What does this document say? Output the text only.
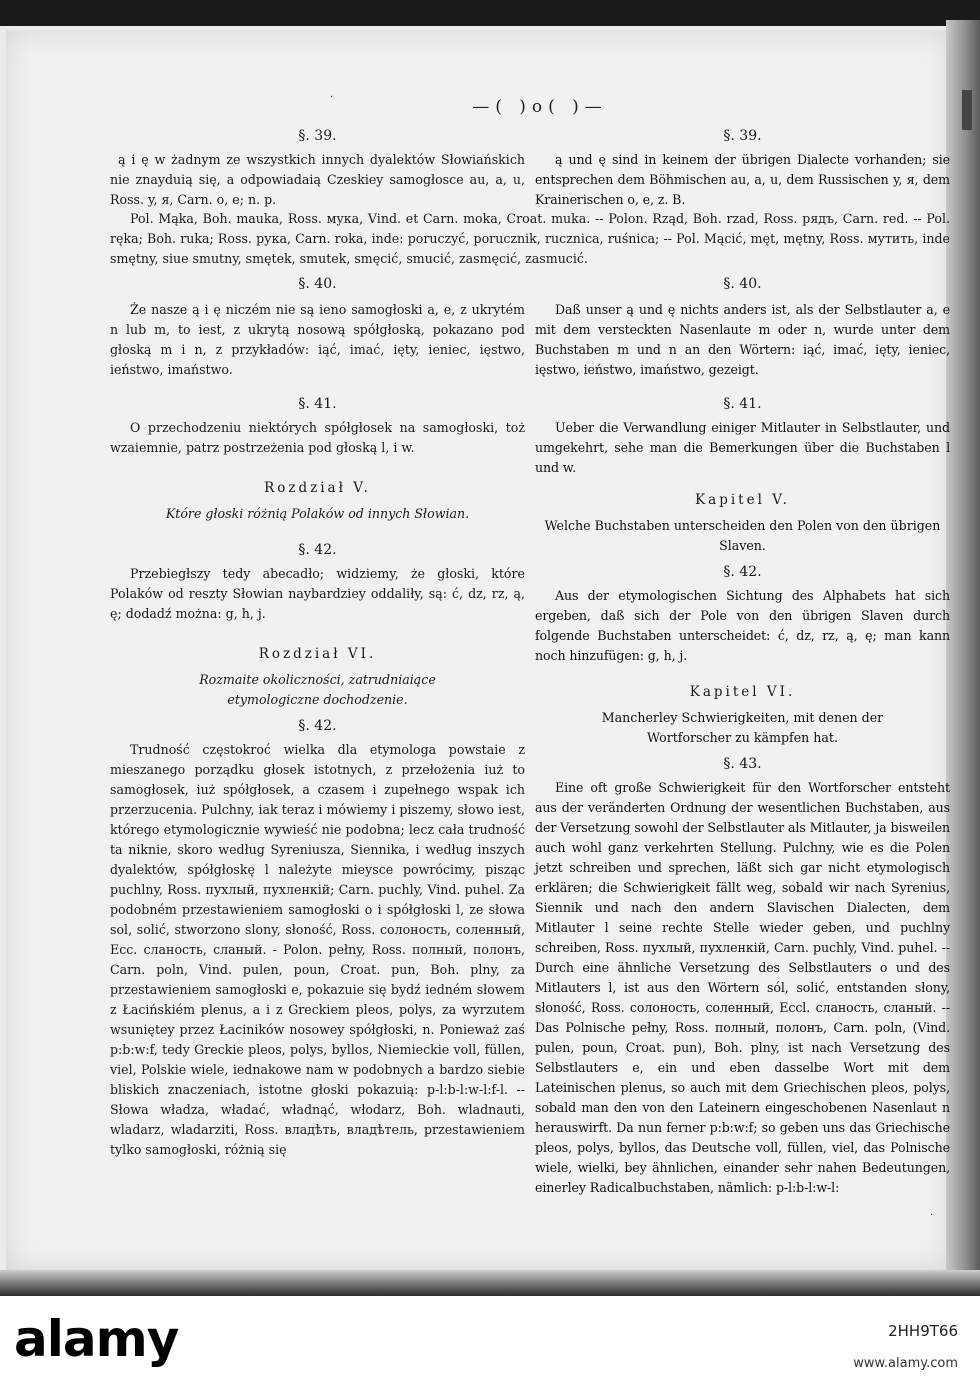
—( )o( )—
§. 39.

ą i ę w żadnym ze wszystkich innych dyalektów Słowiańskich nie znayduią się, a odpowiadaią Czeskiey samogłosce au, a, u, Ross. y, я, Carn. o, e; n. p.

Pol. Mąka, Boh. mauka, Ross. мука, Vind. et Carn. moka, Croat. muka. -- Polon. Rząd, Boh. rzad, Ross. рядъ, Carn. red. -- Pol. ręka; Boh. ruka; Ross. рука, Carn. roka, inde: poruczyć, porucznik, ruczniсa, ruśnica; -- Pol. Mącić, męt, mętny, Ross. мутить, inde smętny, siue smutny, smętek, smutek, smęcić, smucić, zasmęcić, zasmucić.
§. 40.

Że nasze ą i ę niczém nie są ieno samogłoski a, e, z ukrytém n lub m, to iest, z ukrytą nosową spółgłoską, pokazano pod głoską m i n, z przykładów: iąć, imać, ięty, ieniec, ięstwo, ieństwo, imaństwo.

§. 41.

O przechodzeniu niektórych spółgłosek na samogłoski, toż wzaiemnie, patrz postrzeżenia pod głoską l, i w.

Rozdział V.
Które głoski różnią Polaków od innych Słowian.
§. 42.

Przebiegłszy tedy abecadło; widziemy, że głoski, które Polaków od reszty Słowian naybardziey oddaliły, są: ć, dz, rz, ą, ę; dodadź można: g, h, j.

Rozdział VI.
Rozmaite okoliczności, zatrudniaiące etymologiczne dochodzenie.
§. 42.

Trudność częstokroć wielka dla etymologa powstaie z mieszanego porządku głosek istotnych, z przełożenia iuż to samogłosek, iuż spółgłosek, a czasem i zupełnego wspak ich przerzucenia. Pulchny, iak teraz i mówiemy i piszemy, słowo iest, którego etymologicznie wywieść nie podobna; lecz cała trudność ta niknie, skoro według Syreniusza, Siennika, i według inszych dyalektów, spółgłoskę l należyte mieysce powrócimy, pisząc puchlny, Ross. пухлый, пухленкій; Carn. puchly, Vind. puhel. Za podobném przestawieniem samogłoski o i spółgłoski l, ze słowa sol, solić, stworzono slony, słoność, Ross. солоность, соленный, Ecc. сланость, сланый. - Polon. pełny, Ross. полный, полонъ, Carn. poln, Vind. pulen, poun, Croat. pun, Boh. plny, za przestawieniem samogłoski e, pokazuie się bydź iedném słowem z Łacińskiém plenus, a i z Greckiem pleos, polys, za wyrzutem wsuniętey przez Łaciników nosowey spółgłoski, n. Ponieważ zaś p:b:w:f, tedy Greckie pleos, polys, byllos, Niemieckie voll, füllen, viel, Polskie wiele, iednakowe nam w podobnych a bardzo siebie bliskich znaczeniach, istotne głoski pokazuią: p-l:b-l:w-l:f-l. -- Słowa władza, władać, władnąć, włodarz, Boh. wladnauti, wladarz, wladarziti, Ross. владѣть, владѣтель, przestawieniem tylko samogłoski, różnią się

§. 39.

ą und ę sind in keinem der übrigen Dialecte vorhanden; sie entsprechen dem Böhmischen au, a, u, dem Russischen y, я, dem Krainerischen o, e, z. B.

§. 40.

Daß unser ą und ę nichts anders ist, als der Selbstlauter a, e mit dem versteckten Nasenlaute m oder n, wurde unter dem Buchstaben m und n an den Wörtern: iąć, imać, ięty, ieniec, ięstwo, ieństwo, imaństwo, gezeigt.

§. 41.

Ueber die Verwandlung einiger Mitlauter in Selbstlauter, und umgekehrt, sehe man die Bemerkungen über die Buchstaben l und w.

Kapitel V.
Welche Buchstaben unterscheiden den Polen von den übrigen Slaven.
§. 42.

Aus der etymologischen Sichtung des Alphabets hat sich ergeben, daß sich der Pole von den übrigen Slaven durch folgende Buchstaben unterscheidet: ć, dz, rz, ą, ę; man kann noch hinzufügen: g, h, j.

Kapitel VI.
Mancherley Schwierigkeiten, mit denen der Wortforscher zu kämpfen hat.
§. 43.

Eine oft große Schwierigkeit für den Wortforscher entsteht aus der veränderten Ordnung der wesentlichen Buchstaben, aus der Versetzung sowohl der Selbstlauter als Mitlauter, ja bisweilen auch wohl ganz verkehrten Stellung. Pulchny, wie es die Polen jetzt schreiben und sprechen, läßt sich gar nicht etymologisch erklären; die Schwierigkeit fällt weg, sobald wir nach Syrenius, Siennik und nach den andern Slavischen Dialecten, dem Mitlauter l seine rechte Stelle wieder geben, und puchlny schreiben, Ross. пухлый, пухленкій, Carn. puchly, Vind. puhel. -- Durch eine ähnliche Versetzung des Selbstlauters o und des Mitlauters l, ist aus den Wörtern sól, solić, entstanden słony, słoność, Ross. солоность, соленный, Eccl. сланость, сланый. -- Das Polnische pełny, Ross. полный, полонъ, Carn. poln, (Vind. pulen, poun, Croat. pun), Boh. plny, ist nach Versetzung des Selbstlauters e, ein und eben dasselbe Wort mit dem Lateinischen plenus, so auch mit dem Griechischen pleos, polys, sobald man den von den Lateinern eingeschobenen Nasenlaut n herauswirft. Da nun ferner p:b:w:f; so geben uns das Griechische pleos, polys, byllos, das Deutsche voll, füllen, viel, das Polnische wiele, wielki, bey ähnlichen, einander sehr nahen Bedeutungen, einerley Radicalbuchstaben, nämlich: p-l:b-l:w-l:

·
·
alamy	2HH9T66
www.alamy.com
